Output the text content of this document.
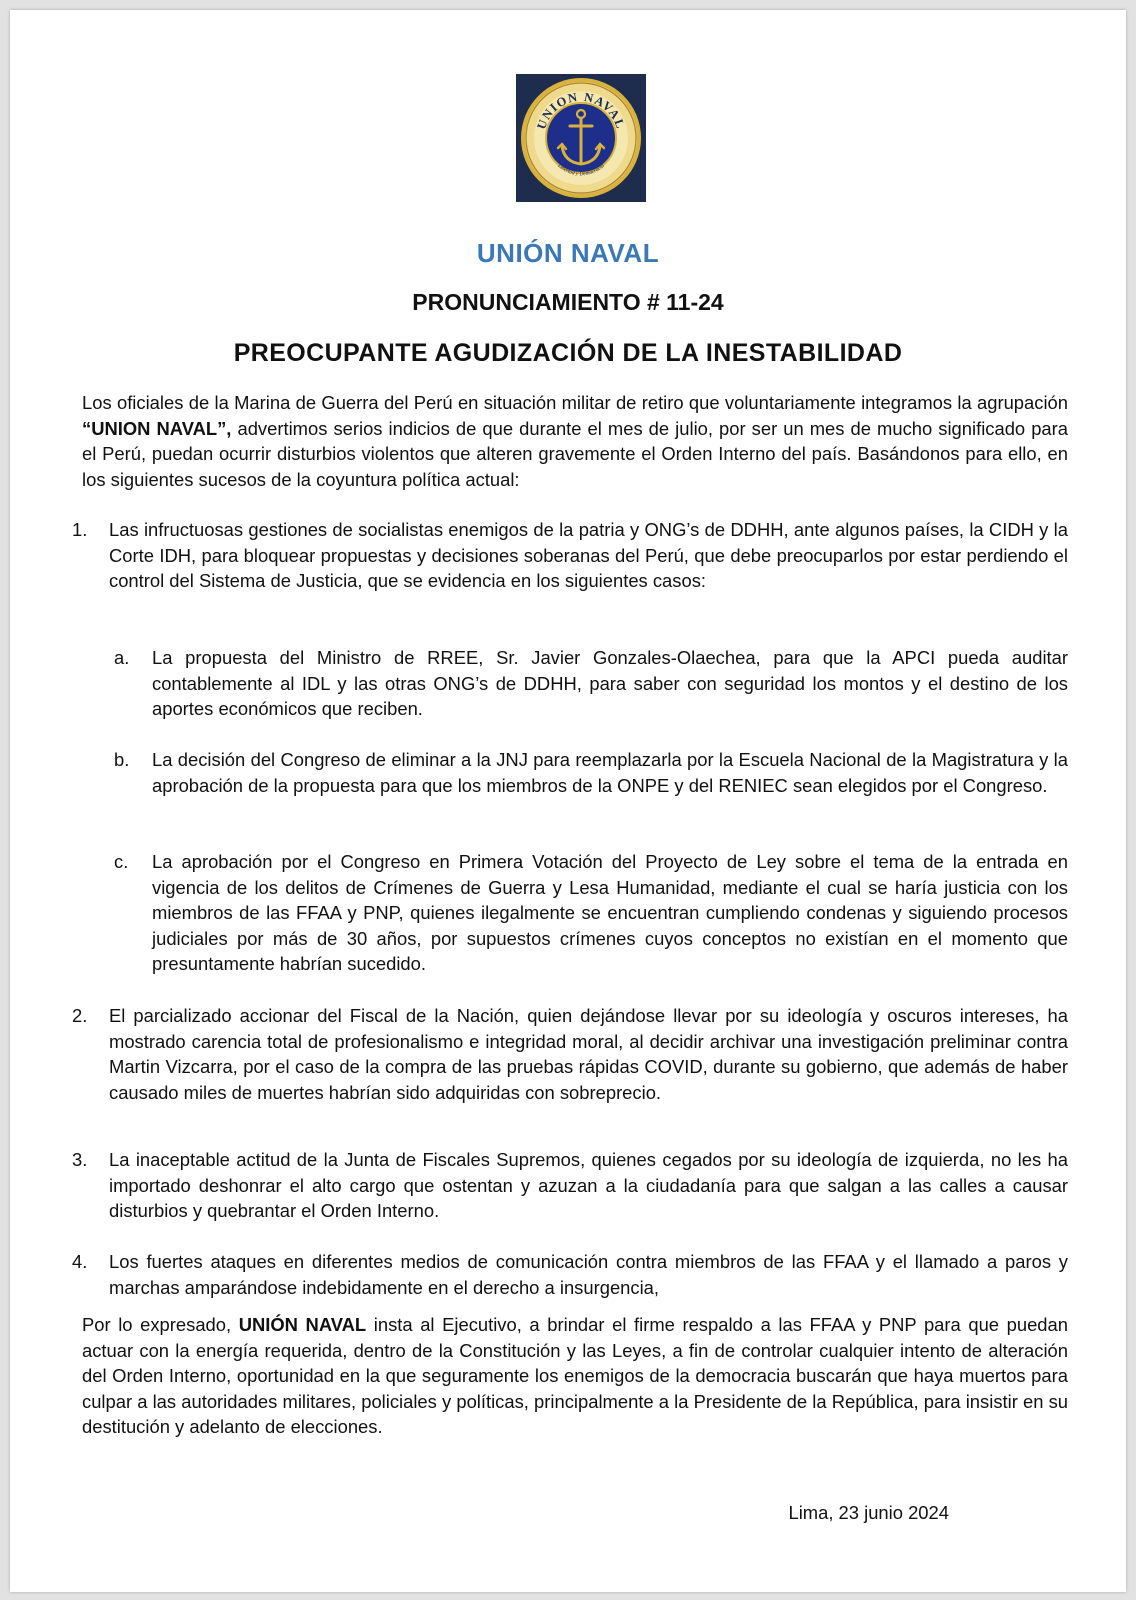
UNION NAVAL
Libertad y Democracia
UNIÓN NAVAL
PRONUNCIAMIENTO # 11-24
PREOCUPANTE AGUDIZACIÓN DE LA INESTABILIDAD

Los oficiales de la Marina de Guerra del Perú en situación militar de retiro que voluntariamente integramos la agrupación “UNION NAVAL”, advertimos serios indicios de que durante el mes de julio, por ser un mes de mucho significado para el Perú, puedan ocurrir disturbios violentos que alteren gravemente el Orden Interno del país. Basándonos para ello, en los siguientes sucesos de la coyuntura política actual:

1.	Las infructuosas gestiones de socialistas enemigos de la patria y ONG’s de DDHH, ante algunos países, la CIDH y la Corte IDH, para bloquear propuestas y decisiones soberanas del Perú, que debe preocuparlos por estar perdiendo el control del Sistema de Justicia, que se evidencia en los siguientes casos:
a.	La propuesta del Ministro de RREE, Sr. Javier Gonzales-Olaechea, para que la APCI pueda auditar contablemente al IDL y las otras ONG’s de DDHH, para saber con seguridad los montos y el destino de los aportes económicos que reciben.
b.	La decisión del Congreso de eliminar a la JNJ para reemplazarla por la Escuela Nacional de la Magistratura y la aprobación de la propuesta para que los miembros de la ONPE y del RENIEC sean elegidos por el Congreso.
c.	La aprobación por el Congreso en Primera Votación del Proyecto de Ley sobre el tema de la entrada en vigencia de los delitos de Crímenes de Guerra y Lesa Humanidad, mediante el cual se haría justicia con los miembros de las FFAA y PNP, quienes ilegalmente se encuentran cumpliendo condenas y siguiendo procesos judiciales por más de 30 años, por supuestos crímenes cuyos conceptos no existían en el momento que presuntamente habrían sucedido.
2.	El parcializado accionar del Fiscal de la Nación, quien dejándose llevar por su ideología y oscuros intereses, ha mostrado carencia total de profesionalismo e integridad moral, al decidir archivar una investigación preliminar contra Martin Vizcarra, por el caso de la compra de las pruebas rápidas COVID, durante su gobierno, que además de haber causado miles de muertes habrían sido adquiridas con sobreprecio.
3.	La inaceptable actitud de la Junta de Fiscales Supremos, quienes cegados por su ideología de izquierda, no les ha importado deshonrar el alto cargo que ostentan y azuzan a la ciudadanía para que salgan a las calles a causar disturbios y quebrantar el Orden Interno.
4.	Los fuertes ataques en diferentes medios de comunicación contra miembros de las FFAA y el llamado a paros y marchas amparándose indebidamente en el derecho a insurgencia,

Por lo expresado, UNIÓN NAVAL insta al Ejecutivo, a brindar el firme respaldo a las FFAA y PNP para que puedan actuar con la energía requerida, dentro de la Constitución y las Leyes, a fin de controlar cualquier intento de alteración del Orden Interno, oportunidad en la que seguramente los enemigos de la democracia buscarán que haya muertos para culpar a las autoridades militares, policiales y políticas, principalmente a la Presidente de la República, para insistir en su destitución y adelanto de elecciones.

Lima, 23 junio 2024
